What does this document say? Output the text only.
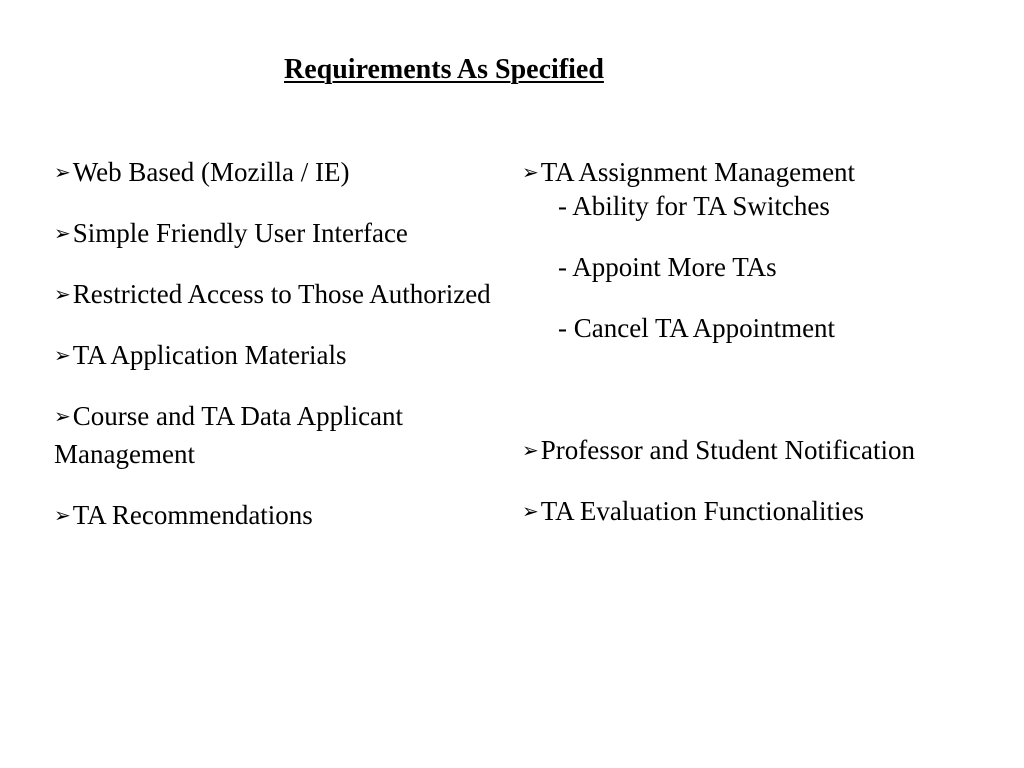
Requirements As Specified
➢Web Based (Mozilla / IE)
➢Simple Friendly User Interface
➢Restricted Access to Those Authorized
➢TA Application Materials
➢Course and TA Data Applicant Management
➢TA Recommendations
➢TA Assignment Management
- Ability for TA Switches
- Appoint More TAs
- Cancel TA Appointment
➢Professor and Student Notification
➢TA Evaluation Functionalities
